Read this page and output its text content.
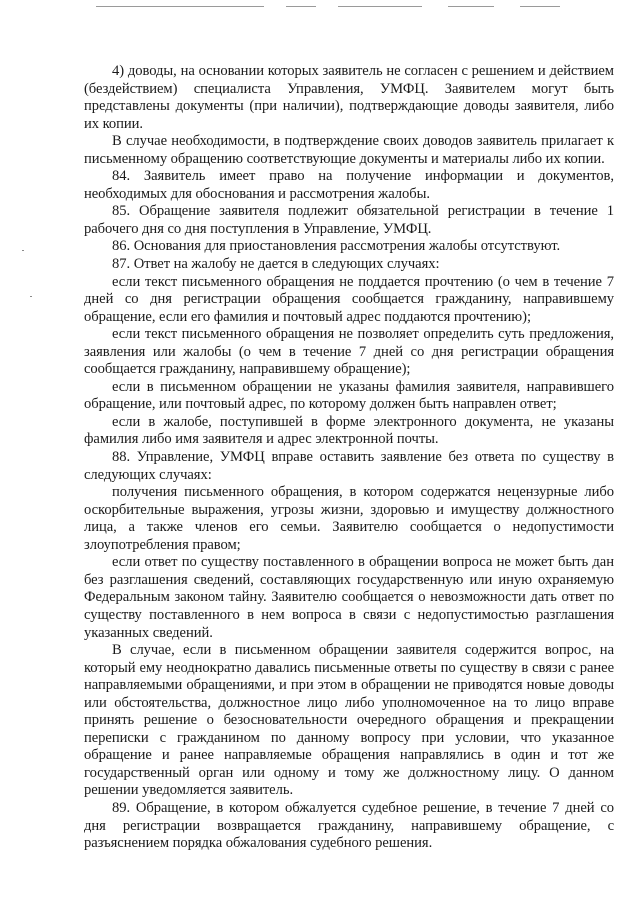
4) доводы, на основании которых заявитель не согласен с решением и действием (бездействием) специалиста Управления, УМФЦ. Заявителем могут быть представлены документы (при наличии), подтверждающие доводы заявителя, либо их копии.

В случае необходимости, в подтверждение своих доводов заявитель прилагает к письменному обращению соответствующие документы и материалы либо их копии.

84. Заявитель имеет право на получение информации и документов, необходимых для обоснования и рассмотрения жалобы.

85. Обращение заявителя подлежит обязательной регистрации в течение 1 рабочего дня со дня поступления в Управление, УМФЦ.

86. Основания для приостановления рассмотрения жалобы отсутствуют.

87. Ответ на жалобу не дается в следующих случаях:

если текст письменного обращения не поддается прочтению (о чем в течение 7 дней со дня регистрации обращения сообщается гражданину, направившему обращение, если его фамилия и почтовый адрес поддаются прочтению);

если текст письменного обращения не позволяет определить суть предложения, заявления или жалобы (о чем в течение 7 дней со дня регистрации обращения сообщается гражданину, направившему обращение);

если в письменном обращении не указаны фамилия заявителя, направившего обращение, или почтовый адрес, по которому должен быть направлен ответ;

если в жалобе, поступившей в форме электронного документа, не указаны фамилия либо имя заявителя и адрес электронной почты.

88. Управление, УМФЦ вправе оставить заявление без ответа по существу в следующих случаях:

получения письменного обращения, в котором содержатся нецензурные либо оскорбительные выражения, угрозы жизни, здоровью и имуществу должностного лица, а также членов его семьи. Заявителю сообщается о недопустимости злоупотребления правом;

если ответ по существу поставленного в обращении вопроса не может быть дан без разглашения сведений, составляющих государственную или иную охраняемую Федеральным законом тайну. Заявителю сообщается о невозможности дать ответ по существу поставленного в нем вопроса в связи с недопустимостью разглашения указанных сведений.

В случае, если в письменном обращении заявителя содержится вопрос, на который ему неоднократно давались письменные ответы по существу в связи с ранее направляемыми обращениями, и при этом в обращении не приводятся новые доводы или обстоятельства, должностное лицо либо уполномоченное на то лицо вправе принять решение о безосновательности очередного обращения и прекращении переписки с гражданином по данному вопросу при условии, что указанное обращение и ранее направляемые обращения направлялись в один и тот же государственный орган или одному и тому же должностному лицу. О данном решении уведомляется заявитель.

89. Обращение, в котором обжалуется судебное решение, в течение 7 дней со дня регистрации возвращается гражданину, направившему обращение, с разъяснением порядка обжалования судебного решения.
